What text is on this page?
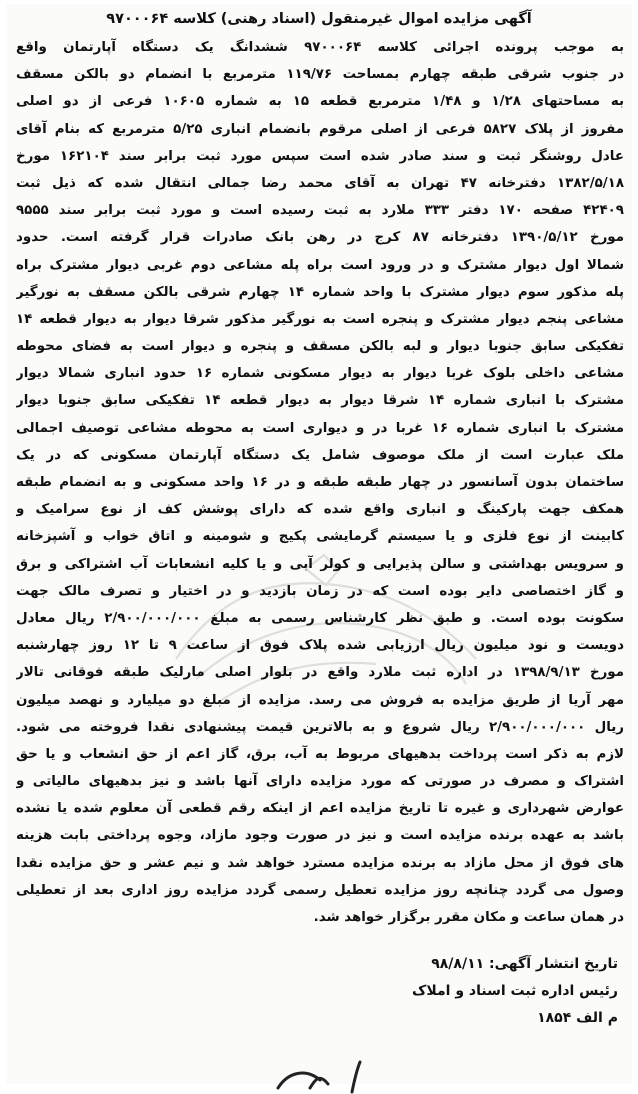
آگهی مزایده اموال غیرمنقول (اسناد رهنی) کلاسه ۹۷۰۰۰۶۴
به موجب پرونده اجرائی کلاسه ۹۷۰۰۰۶۴ ششدانگ یک دستگاه آپارتمان واقع
در جنوب شرقی طبقه چهارم بمساحت ۱۱۹/۷۶ مترمربع با انضمام دو بالکن مسقف
به مساحتهای ۱/۲۸ و ۱/۴۸ مترمربع قطعه ۱۵ به شماره ۱۰۶۰۵ فرعی از دو اصلی
مفروز از پلاک ۵۸۲۷ فرعی از اصلی مرقوم بانضمام انباری ۵/۲۵ مترمربع که بنام آقای
عادل روشنگر ثبت و سند صادر شده است سپس مورد ثبت برابر سند ۱۶۲۱۰۴ مورخ
۱۳۸۲/۵/۱۸ دفترخانه ۴۷ تهران به آقای محمد رضا جمالی انتقال شده که ذیل ثبت
۴۲۴۰۹ صفحه ۱۷۰ دفتر ۳۳۳ ملارد به ثبت رسیده است و مورد ثبت برابر سند ۹۵۵۵
مورخ ۱۳۹۰/۵/۱۲ دفترخانه ۸۷ کرج در رهن بانک صادرات قرار گرفته است. حدود
شمالا اول دیوار مشترک و در ورود است براه پله مشاعی دوم غربی دیوار مشترک براه
پله مذکور سوم دیوار مشترک با واحد شماره ۱۴ چهارم شرقی بالکن مسقف به نورگیر
مشاعی پنجم دیوار مشترک و پنجره است به نورگیر مذکور شرقا دیوار به دیوار قطعه ۱۴
تفکیکی سابق جنوبا دیوار و لبه بالکن مسقف و پنجره و دیوار است به فضای محوطه
مشاعی داخلی بلوک غربا دیوار به دیوار مسکونی شماره ۱۶ حدود انباری شمالا دیوار
مشترک با انباری شماره ۱۴ شرقا دیوار به دیوار قطعه ۱۴ تفکیکی سابق جنوبا دیوار
مشترک با انباری شماره ۱۶ غربا در و دیواری است به محوطه مشاعی توصیف اجمالی
ملک عبارت است از ملک موصوف شامل یک دستگاه آپارتمان مسکونی که در یک
ساختمان بدون آسانسور در چهار طبقه طبقه و در ۱۶ واحد مسکونی و به انضمام طبقه
همکف جهت پارکینگ و انباری واقع شده که دارای پوشش کف از نوع سرامیک و
کابینت از نوع فلزی و یا سیستم گرمایشی پکیج و شومینه و اتاق خواب و آشپزخانه
و سرویس بهداشتی و سالن پذیرایی و کولر آبی و یا کلیه انشعابات آب اشتراکی و برق
و گاز اختصاصی دایر بوده است که در زمان بازدید و در اختیار و تصرف مالک جهت
سکونت بوده است. و طبق نظر کارشناس رسمی به مبلغ ۲/۹۰۰/۰۰۰/۰۰۰ ریال معادل
دویست و نود میلیون ریال ارزیابی شده پلاک فوق از ساعت ۹ تا ۱۲ روز چهارشنبه
مورخ ۱۳۹۸/۹/۱۳ در اداره ثبت ملارد واقع در بلوار اصلی مارلیک طبقه فوقانی تالار
مهر آریا از طریق مزایده به فروش می رسد. مزایده از مبلغ دو میلیارد و نهصد میلیون
ریال ۲/۹۰۰/۰۰۰/۰۰۰ ریال شروع و به بالاترین قیمت پیشنهادی نقدا فروخته می شود.
لازم به ذکر است پرداخت بدهیهای مربوط به آب، برق، گاز اعم از حق انشعاب و یا حق
اشتراک و مصرف در صورتی که مورد مزایده دارای آنها باشد و نیز بدهیهای مالیاتی و
عوارض شهرداری و غیره تا تاریخ مزایده اعم از اینکه رقم قطعی آن معلوم شده یا نشده
باشد به عهده برنده مزایده است و نیز در صورت وجود مازاد، وجوه پرداختی بابت هزینه
های فوق از محل مازاد به برنده مزایده مسترد خواهد شد و نیم عشر و حق مزایده نقدا
وصول می گردد چنانچه روز مزایده تعطیل رسمی گردد مزایده روز اداری بعد از تعطیلی
در همان ساعت و مکان مقرر برگزار خواهد شد.
تاریخ انتشار آگهی: ۹۸/۸/۱۱
رئیس اداره ثبت اسناد و املاک
م الف ۱۸۵۴
